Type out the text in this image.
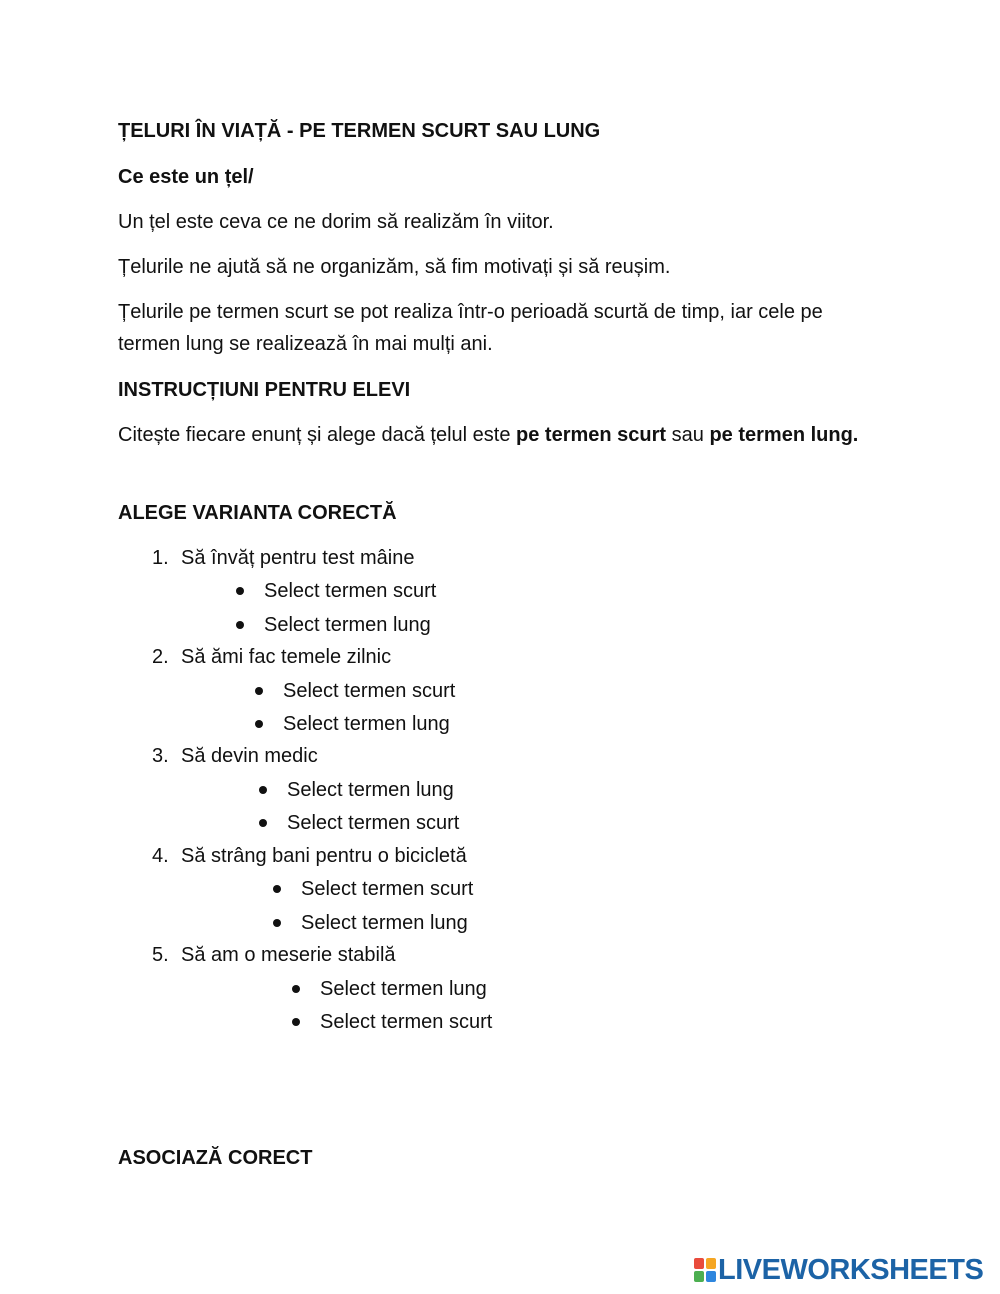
ȚELURI ÎN VIAȚĂ - PE TERMEN SCURT SAU LUNG
Ce este un țel/
Un țel este ceva ce ne dorim să realizăm în viitor.
Țelurile ne ajută să ne organizăm, să fim motivați și să reușim.
Țelurile pe termen scurt se pot realiza într-o perioadă scurtă de timp, iar cele pe termen lung se realizează în mai mulți ani.
INSTRUCȚIUNI PENTRU ELEVI
Citește fiecare enunț și alege dacă țelul este pe termen scurt sau pe termen lung.
ALEGE VARIANTA CORECTĂ
1. Să învăț pentru test mâine
Select termen scurt
Select termen lung
2. Să ămi fac temele zilnic
Select termen scurt
Select termen lung
3. Să devin medic
Select termen lung
Select termen scurt
4. Să strâng bani pentru o bicicletă
Select termen scurt
Select termen lung
5. Să am o meserie stabilă
Select termen lung
Select termen scurt
ASOCIAZĂ CORECT
LIVEWORKSHEETS
